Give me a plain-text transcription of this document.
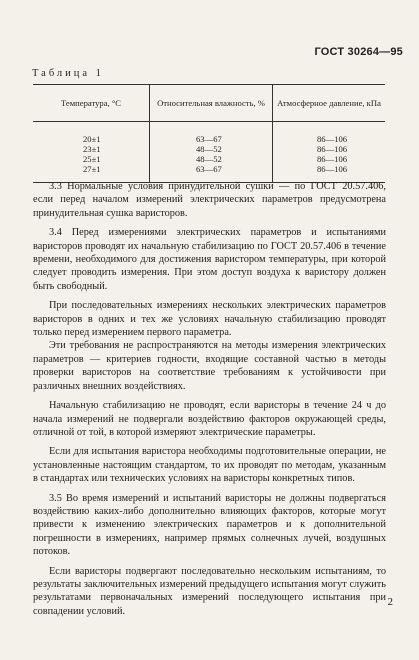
ГОСТ 30264—95
Таблица 1
Температура, °С	Относительная влажность, %	Атмосферное давление, кПа
20±1	63—67	86—106
23±1	48—52	86—106
25±1	48—52	86—106
27±1	63—67	86—106

3.3 Нормальные условия принудительной сушки — по ГОСТ 20.57.406, если перед началом измерений электрических параметров предусмотрена принудительная сушка варисторов.

3.4 Перед измерениями электрических параметров и испытаниями варисторов проводят их начальную стабилизацию по ГОСТ 20.57.406 в течение времени, необходимого для достижения варистором температуры, при которой следует проводить измерения. При этом доступ воздуха к варистору должен быть свободный.

При последовательных измерениях нескольких электрических параметров варисторов в одних и тех же условиях начальную стабилизацию проводят только перед измерением первого параметра.

Эти требования не распространяются на методы измерения электрических параметров — критериев годности, входящие составной частью в методы проверки варисторов на соответствие требованиям к устойчивости при различных внешних воздействиях.

Начальную стабилизацию не проводят, если варисторы в течение 24 ч до начала измерений не подвергали воздействию факторов окружающей среды, отличной от той, в которой измеряют электрические параметры.

Если для испытания варистора необходимы подготовительные операции, не установленные настоящим стандартом, то их проводят по методам, указанным в стандартах или технических условиях на варисторы конкретных типов.

3.5 Во время измерений и испытаний варисторы не должны подвергаться воздействию каких-либо дополнительно влияющих факторов, которые могут привести к изменению электрических параметров и к дополнительной погрешности в измерениях, например прямых солнечных лучей, воздушных потоков.

Если варисторы подвергают последовательно нескольким испытаниям, то результаты заключительных измерений предыдущего испытания могут служить результатами первоначальных измерений последующего испытания при совпадении условий.

2
